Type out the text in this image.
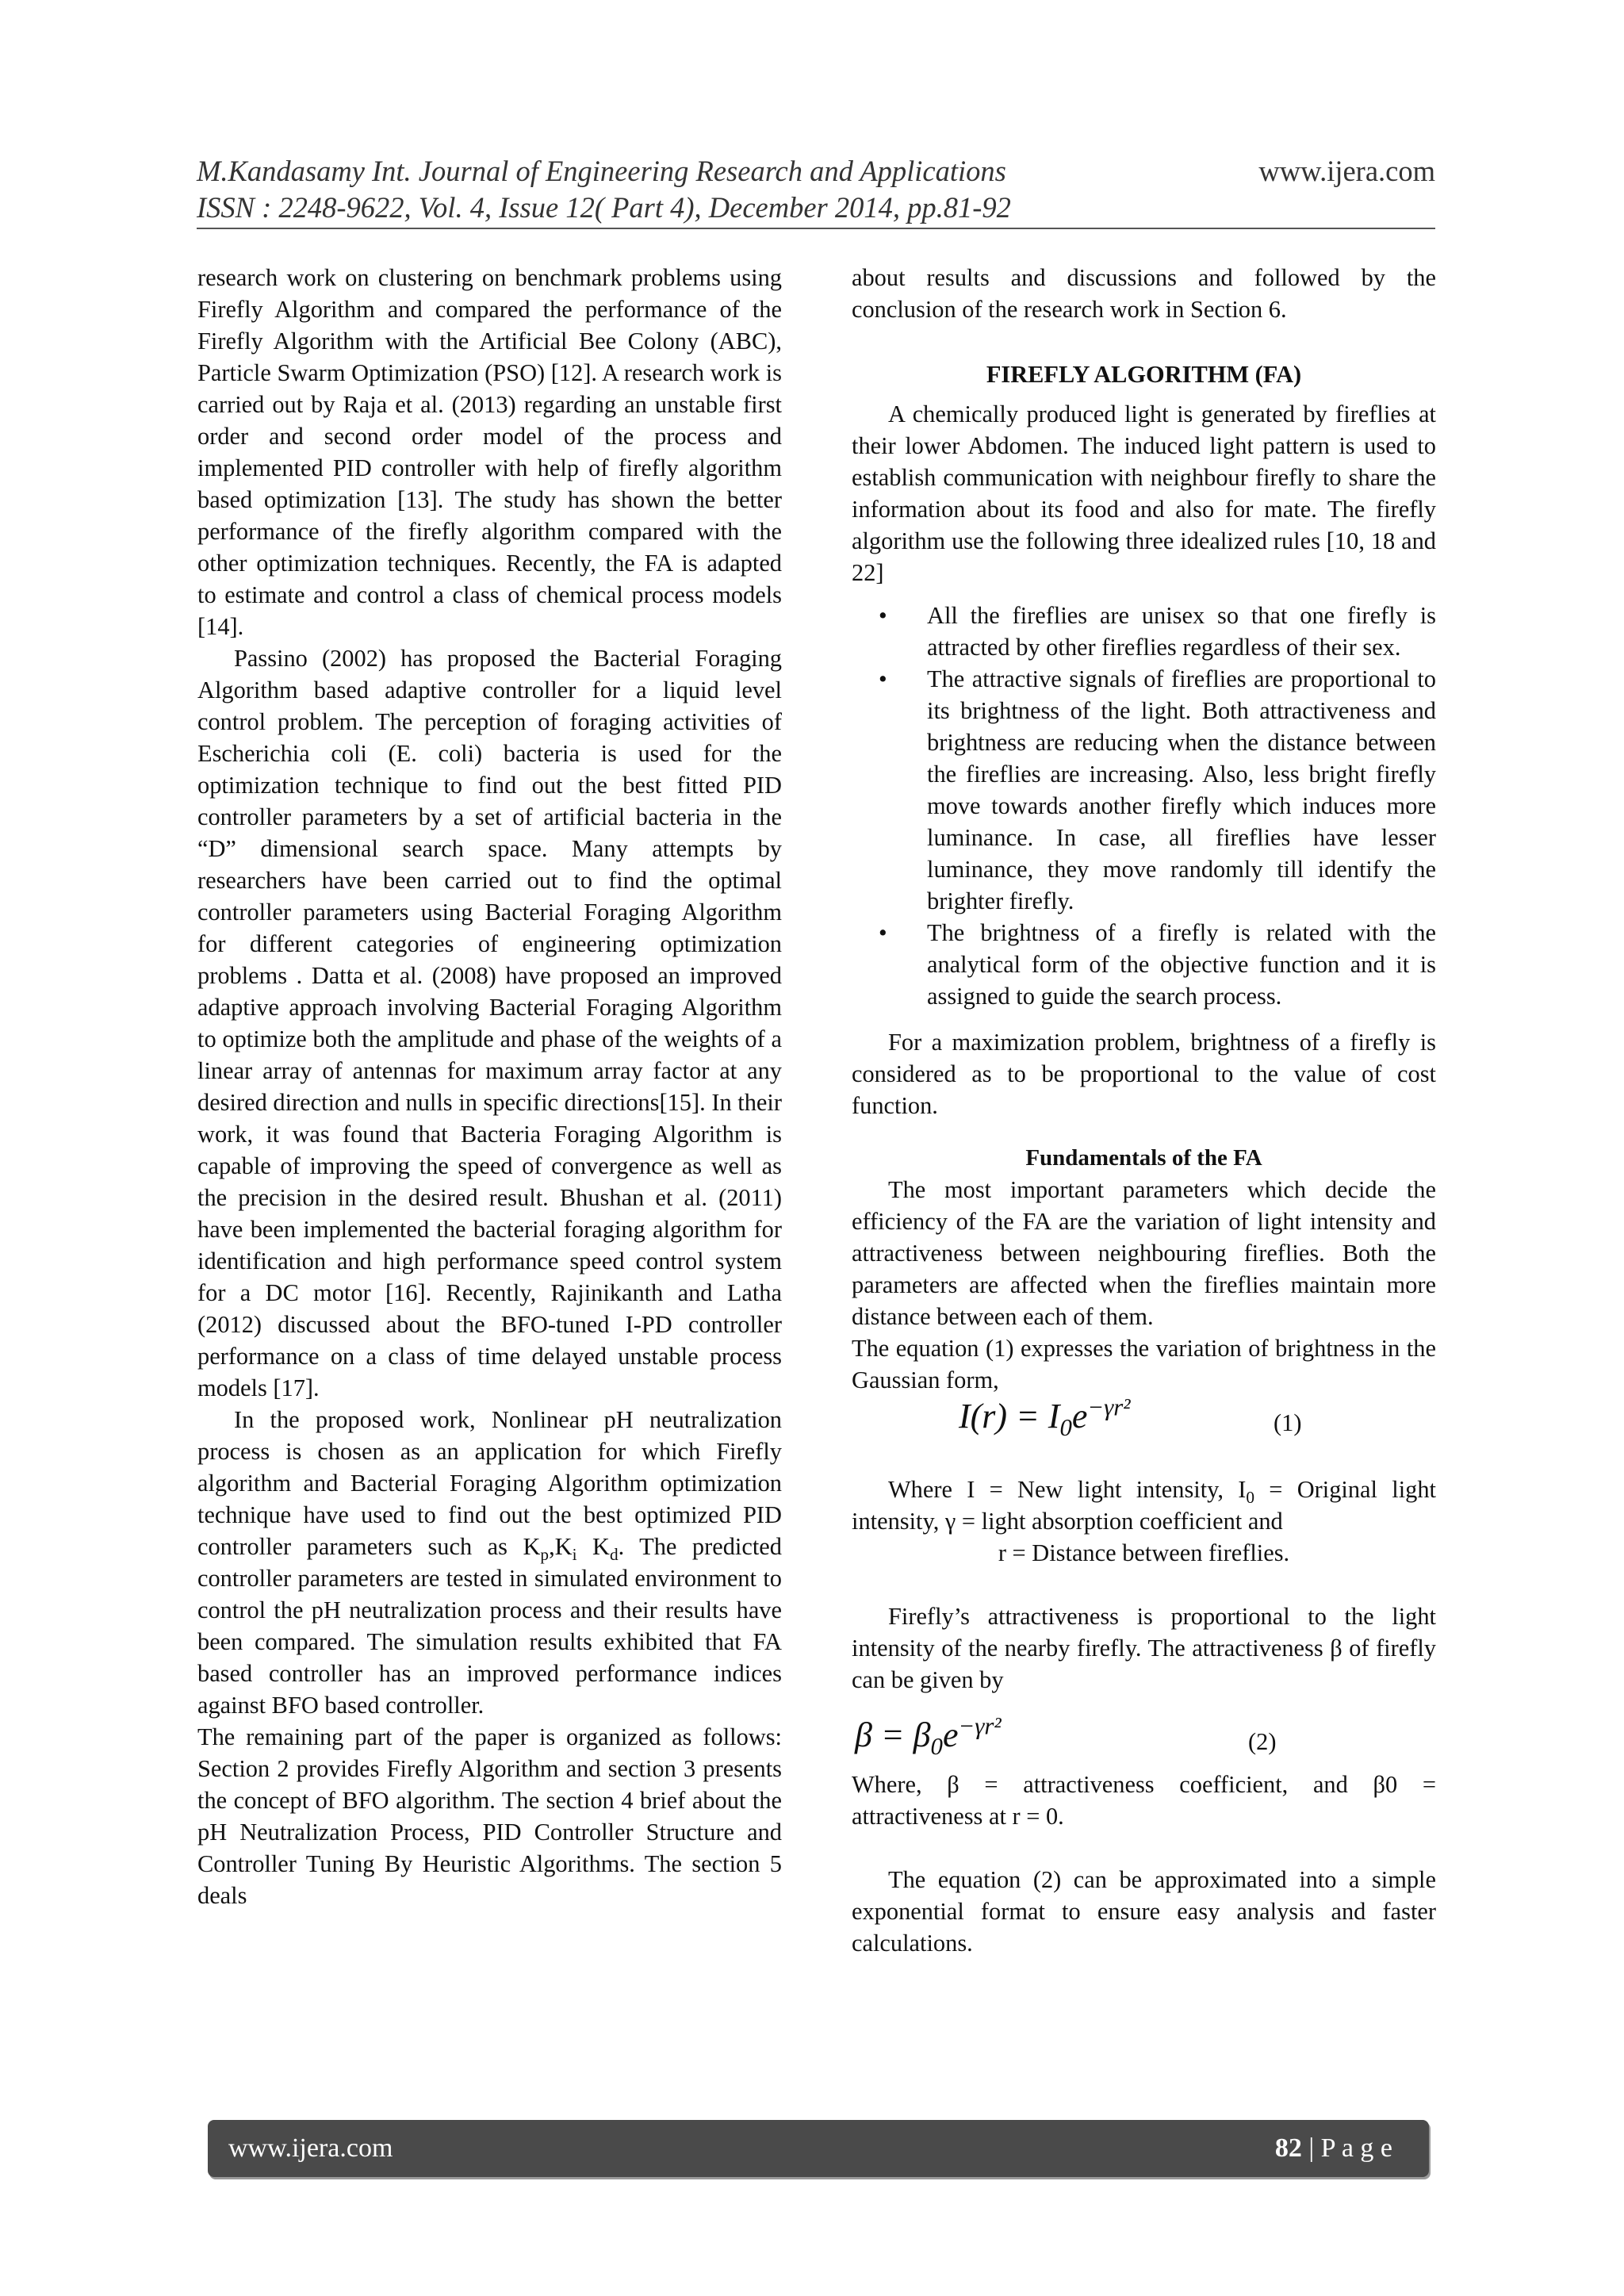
M.Kandasamy Int. Journal of Engineering Research and Applications	www.ijera.com
ISSN : 2248-9622, Vol. 4, Issue 12( Part 4), December 2014, pp.81-92

research work on clustering on benchmark problems using Firefly Algorithm and compared the performance of the Firefly Algorithm with the Artificial Bee Colony (ABC), Particle Swarm Optimization (PSO) [12]. A research work is carried out by Raja et al. (2013) regarding an unstable first order and second order model of the process and implemented PID controller with help of firefly algorithm based optimization [13]. The study has shown the better performance of the firefly algorithm compared with the other optimization techniques. Recently, the FA is adapted to estimate and control a class of chemical process models [14].

Passino (2002) has proposed the Bacterial Foraging Algorithm based adaptive controller for a liquid level control problem. The perception of foraging activities of Escherichia coli (E. coli) bacteria is used for the optimization technique to find out the best fitted PID controller parameters by a set of artificial bacteria in the “D” dimensional search space. Many attempts by researchers have been carried out to find the optimal controller parameters using Bacterial Foraging Algorithm for different categories of engineering optimization problems . Datta et al. (2008) have proposed an improved adaptive approach involving Bacterial Foraging Algorithm to optimize both the amplitude and phase of the weights of a linear array of antennas for maximum array factor at any desired direction and nulls in specific directions[15]. In their work, it was found that Bacteria Foraging Algorithm is capable of improving the speed of convergence as well as the precision in the desired result. Bhushan et al. (2011) have been implemented the bacterial foraging algorithm for identification and high performance speed control system for a DC motor [16]. Recently, Rajinikanth and Latha (2012) discussed about the BFO-tuned I-PD controller performance on a class of time delayed unstable process models [17].

In the proposed work, Nonlinear pH neutralization process is chosen as an application for which Firefly algorithm and Bacterial Foraging Algorithm optimization technique have used to find out the best optimized PID controller parameters such as $K_p,K_i$ $K_d$. The predicted controller parameters are tested in simulated environment to control the pH neutralization process and their results have been compared. The simulation results exhibited that FA based controller has an improved performance indices against BFO based controller.

The remaining part of the paper is organized as follows: Section 2 provides Firefly Algorithm and section 3 presents the concept of BFO algorithm. The section 4 brief about the pH Neutralization Process, PID Controller Structure and Controller Tuning By Heuristic Algorithms. The section 5 deals

about results and discussions and followed by the conclusion of the research work in Section 6.

FIREFLY ALGORITHM (FA)

A chemically produced light is generated by fireflies at their lower Abdomen. The induced light pattern is used to establish communication with neighbour firefly to share the information about its food and also for mate. The firefly algorithm use the following three idealized rules [10, 18 and 22]

• All the fireflies are unisex so that one firefly is attracted by other fireflies regardless of their sex.
• The attractive signals of fireflies are proportional to its brightness of the light. Both attractiveness and brightness are reducing when the distance between the fireflies are increasing. Also, less bright firefly move towards another firefly which induces more luminance. In case, all fireflies have lesser luminance, they move randomly till identify the brighter firefly.
• The brightness of a firefly is related with the analytical form of the objective function and it is assigned to guide the search process.

For a maximization problem, brightness of a firefly is considered as to be proportional to the value of cost function.

Fundamentals of the FA

The most important parameters which decide the efficiency of the FA are the variation of light intensity and attractiveness between neighbouring fireflies. Both the parameters are affected when the fireflies maintain more distance between each of them.

The equation (1) expresses the variation of brightness in the Gaussian form,

$I(r) = I_0e^{-\gamma r^2}$
(1)

Where I = New light intensity, $I_0$ = Original light intensity, γ = light absorption coefficient and

r = Distance between fireflies.

Firefly’s attractiveness is proportional to the light intensity of the nearby firefly. The attractiveness β of firefly can be given by

$\beta = \beta_0e^{-\gamma r^2}$
(2)

Where, β = attractiveness coefficient, and β0 = attractiveness at r = 0.

The equation (2) can be approximated into a simple exponential format to ensure easy analysis and faster calculations.

www.ijera.com	82 | P a g e
